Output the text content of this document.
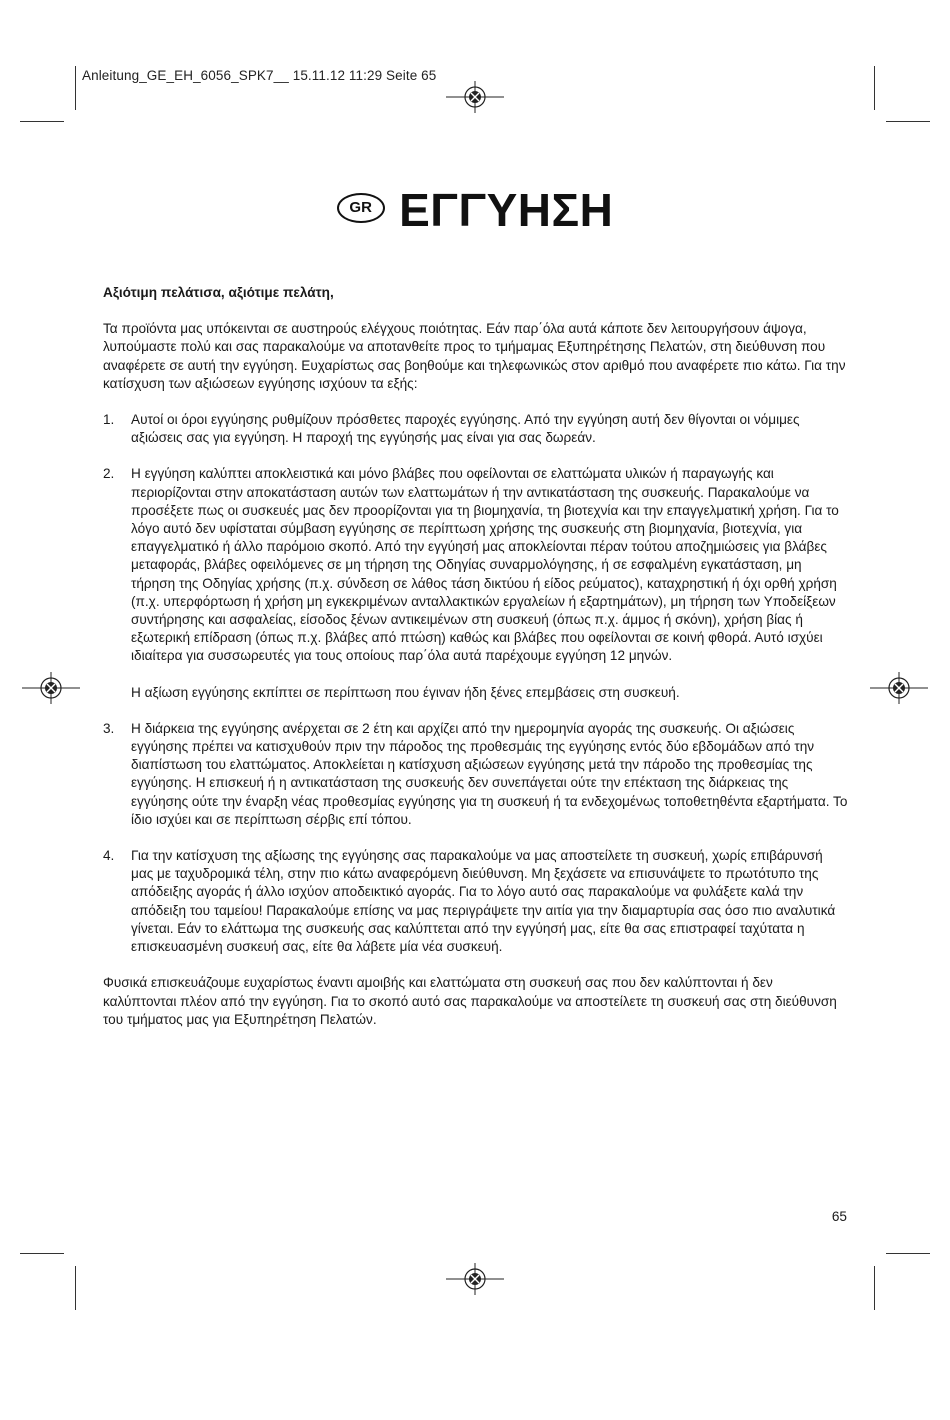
Anleitung_GE_EH_6056_SPK7__ 15.11.12 11:29 Seite 65
GR ΕΓΓΥΗΣΗ
Αξιότιμη πελάτισα, αξιότιμε πελάτη,

Τα προϊόντα μας υπόκεινται σε αυστηρούς ελέγχους ποιότητας. Εάν παρ΄όλα αυτά κάποτε δεν λειτουργήσουν άψογα, λυπούμαστε πολύ και σας παρακαλούμε να αποτανθείτε προς το τμήμαμας Εξυπηρέτησης Πελατών, στη διεύθυνση που αναφέρετε σε αυτή την εγγύηση. Ευχαρίστως σας βοηθούμε και τηλεφωνικώς στον αριθμό που αναφέρετε πιο κάτω. Για την κατίσχυση των αξιώσεων εγγύησης ισχύουν τα εξής:

1. Αυτοί οι όροι εγγύησης ρυθμίζουν πρόσθετες παροχές εγγύησης. Από την εγγύηση αυτή δεν θίγονται οι νόμιμες αξιώσεις σας για εγγύηση. Η παροχή της εγγύησής μας είναι για σας δωρεάν.
2. Η εγγύηση καλύπτει αποκλειστικά και μόνο βλάβες που οφείλονται σε ελαττώματα υλικών ή παραγωγής και περιορίζονται στην αποκατάσταση αυτών των ελαττωμάτων ή την αντικατάσταση της συσκευής. Παρακαλούμε να προσέξετε πως οι συσκευές μας δεν προορίζονται για τη βιομηχανία, τη βιοτεχνία και την επαγγελματική χρήση. Για το λόγο αυτό δεν υφίσταται σύμβαση εγγύησης σε περίπτωση χρήσης της συσκευής στη βιομηχανία, βιοτεχνία, για επαγγελματικό ή άλλο παρόμοιο σκοπό. Από την εγγύησή μας αποκλείονται πέραν τούτου αποζημιώσεις για βλάβες μεταφοράς, βλάβες οφειλόμενες σε μη τήρηση της Οδηγίας συναρμολόγησης, ή σε εσφαλμένη εγκατάσταση, μη τήρηση της Οδηγίας χρήσης (π.χ. σύνδεση σε λάθος τάση δικτύου ή είδος ρεύματος), καταχρηστική ή όχι ορθή χρήση (π.χ. υπερφόρτωση ή χρήση μη εγκεκριμένων ανταλλακτικών εργαλείων ή εξαρτημάτων), μη τήρηση των Υποδείξεων συντήρησης και ασφαλείας, είσοδος ξένων αντικειμένων στη συσκευή (όπως π.χ. άμμος ή σκόνη), χρήση βίας ή εξωτερική επίδραση (όπως π.χ. βλάβες από πτώση) καθώς και βλάβες που οφείλονται σε κοινή φθορά. Αυτό ισχύει ιδιαίτερα για συσσωρευτές για τους οποίους παρ΄όλα αυτά παρέχουμε εγγύηση 12 μηνών.
Η αξίωση εγγύησης εκπίπτει σε περίπτωση που έγιναν ήδη ξένες επεμβάσεις στη συσκευή.
3. Η διάρκεια της εγγύησης ανέρχεται σε 2 έτη και αρχίζει από την ημερομηνία αγοράς της συσκευής. Οι αξιώσεις εγγύησης πρέπει να κατισχυθούν πριν την πάροδος της προθεσμάις της εγγύησης εντός δύο εβδομάδων από την διαπίστωση του ελαττώματος. Αποκλείεται η κατίσχυση αξιώσεων εγγύησης μετά την πάροδο της προθεσμίας της εγγύησης. Η επισκευή ή η αντικατάσταση της συσκευής δεν συνεπάγεται ούτε την επέκταση της διάρκειας της εγγύησης ούτε την έναρξη νέας προθεσμίας εγγύησης για τη συσκευή ή τα ενδεχομένως τοποθετηθέντα εξαρτήματα. Το ίδιο ισχύει και σε περίπτωση σέρβις επί τόπου.
4. Για την κατίσχυση της αξίωσης της εγγύησης σας παρακαλούμε να μας αποστείλετε τη συσκευή, χωρίς επιβάρυνσή μας με ταχυδρομικά τέλη, στην πιο κάτω αναφερόμενη διεύθυνση. Μη ξεχάσετε να επισυνάψετε το πρωτότυπο της απόδειξης αγοράς ή άλλο ισχύον αποδεικτικό αγοράς. Για το λόγο αυτό σας παρακαλούμε να φυλάξετε καλά την απόδειξη του ταμείου! Παρακαλούμε επίσης να μας περιγράψετε την αιτία για την διαμαρτυρία σας όσο πιο αναλυτικά γίνεται. Εάν το ελάττωμα της συσκευής σας καλύπτεται από την εγγύησή μας, είτε θα σας επιστραφεί ταχύτατα η επισκευασμένη συσκευή σας, είτε θα λάβετε μία νέα συσκευή.

Φυσικά επισκευάζουμε ευχαρίστως έναντι αμοιβής και ελαττώματα στη συσκευή σας που δεν καλύπτονται ή δεν καλύπτονται πλέον από την εγγύηση. Για το σκοπό αυτό σας παρακαλούμε να αποστείλετε τη συσκευή σας στη διεύθυνση του τμήματος μας για Εξυπηρέτηση Πελατών.

65
